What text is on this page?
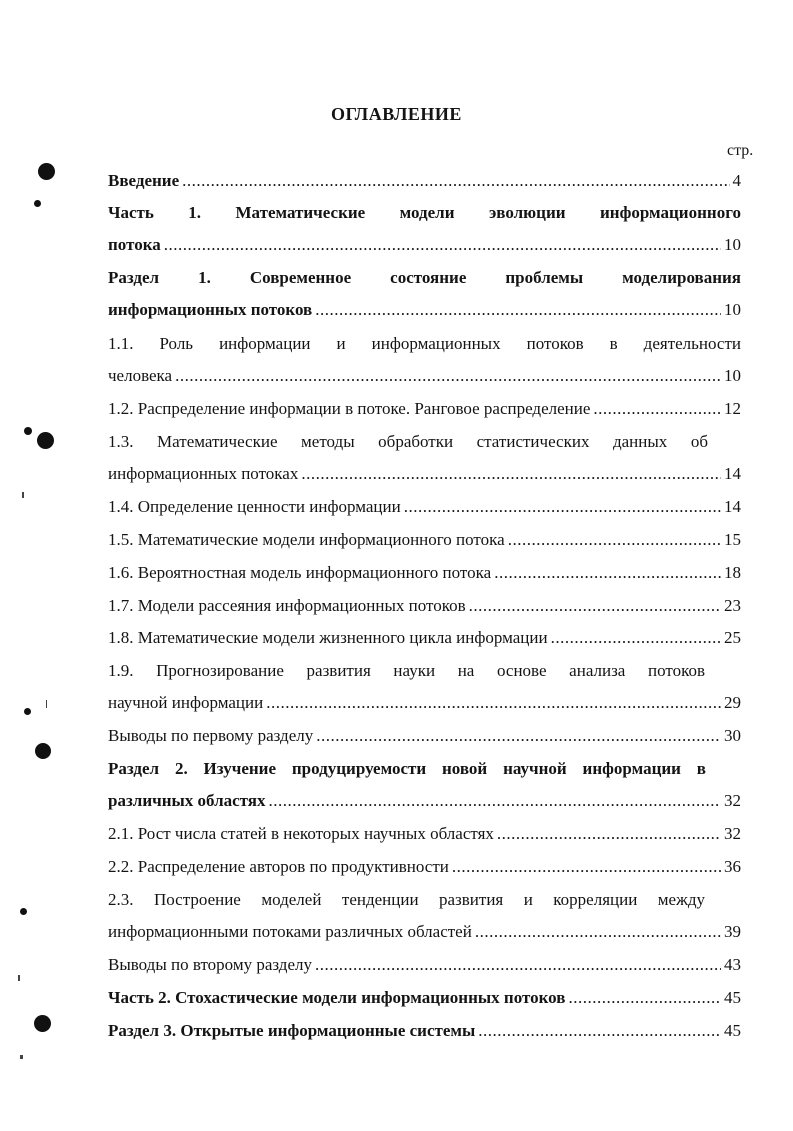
ОГЛАВЛЕНИЕ
стр.
Введение .....	4
Часть 1. Математические модели эволюции информационного
потока .....	10
Раздел 1. Современное состояние проблемы моделирования
информационных потоков .....	10
1.1. Роль информации и информационных потоков в деятельности
человека .....	10
1.2. Распределение информации в потоке. Ранговое распределение .....	12
1.3. Математические методы обработки статистических данных об
информационных потоках .....	14
1.4. Определение ценности информации .....	14
1.5. Математические модели информационного потока .....	15
1.6. Вероятностная модель информационного потока .....	18
1.7. Модели рассеяния информационных потоков .....	23
1.8. Математические модели жизненного цикла информации .....	25
1.9. Прогнозирование развития науки на основе анализа потоков
научной информации .....	29
Выводы по первому разделу .....	30
Раздел 2. Изучение продуцируемости новой научной информации в
различных областях .....	32
2.1. Рост числа статей в некоторых научных областях .....	32
2.2. Распределение авторов по продуктивности .....	36
2.3. Построение моделей тенденции развития и корреляции между
информационными потоками различных областей .....	39
Выводы по второму разделу .....	43
Часть 2. Стохастические модели информационных потоков .....	45
Раздел 3. Открытые информационные системы .....	45
